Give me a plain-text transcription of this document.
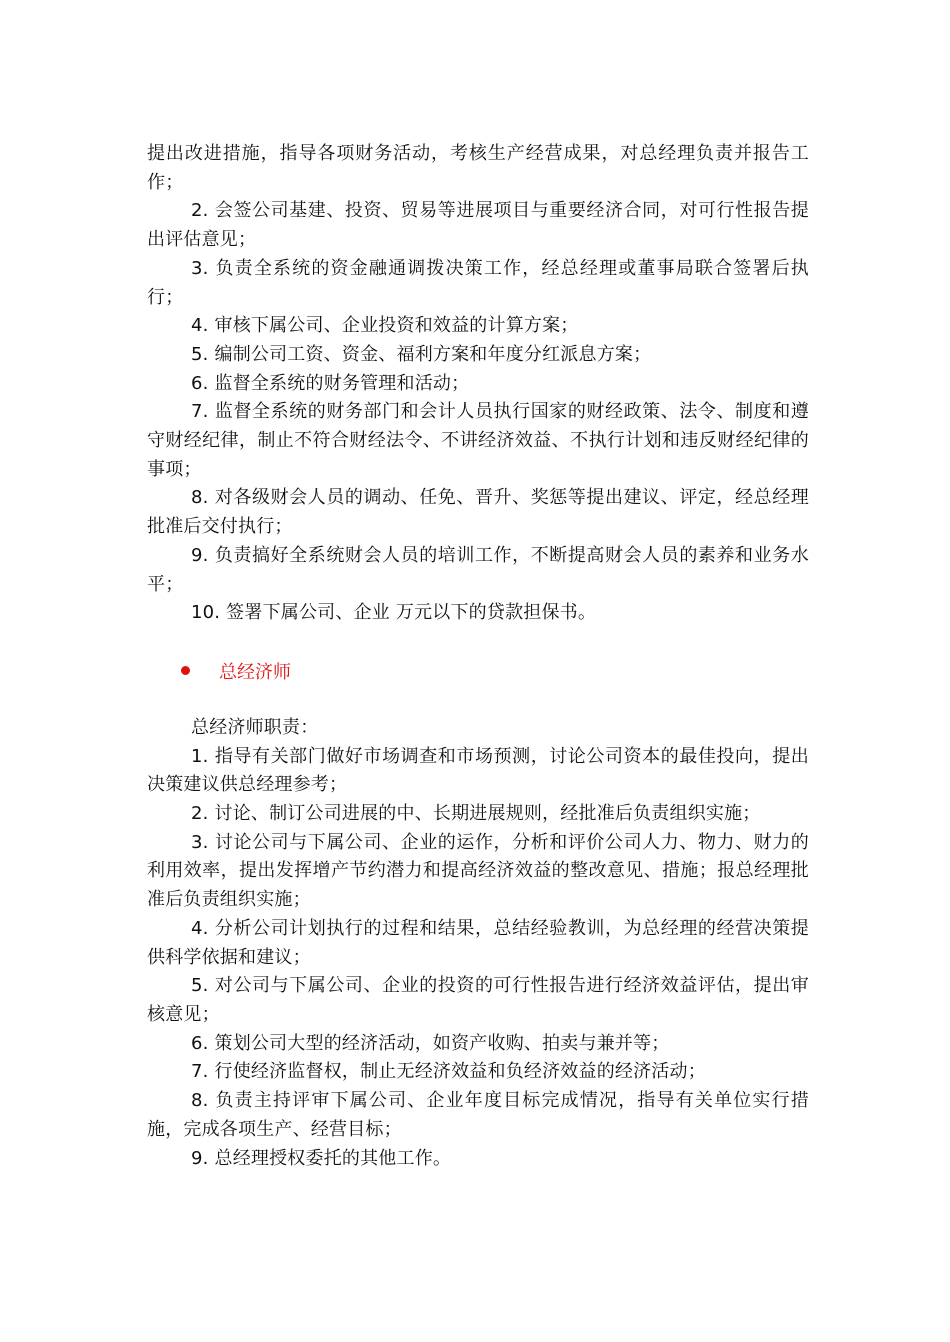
提出改进措施，指导各项财务活动，考核生产经营成果，对总经理负责并报告工作；

2. 会签公司基建、投资、贸易等进展项目与重要经济合同，对可行性报告提出评估意见；

3. 负责全系统的资金融通调拨决策工作，经总经理或董事局联合签署后执行；

4. 审核下属公司、企业投资和效益的计算方案；

5. 编制公司工资、资金、福利方案和年度分红派息方案；

6. 监督全系统的财务管理和活动；

7. 监督全系统的财务部门和会计人员执行国家的财经政策、法令、制度和遵守财经纪律，制止不符合财经法令、不讲经济效益、不执行计划和违反财经纪律的事项；

8. 对各级财会人员的调动、任免、晋升、奖惩等提出建议、评定，经总经理批准后交付执行；

9. 负责搞好全系统财会人员的培训工作，不断提高财会人员的素养和业务水平；

10. 签署下属公司、企业 万元以下的贷款担保书。

总经济师

总经济师职责：

1. 指导有关部门做好市场调查和市场预测，讨论公司资本的最佳投向，提出决策建议供总经理参考；

2. 讨论、制订公司进展的中、长期进展规则，经批准后负责组织实施；

3. 讨论公司与下属公司、企业的运作，分析和评价公司人力、物力、财力的利用效率，提出发挥增产节约潜力和提高经济效益的整改意见、措施；报总经理批准后负责组织实施；

4. 分析公司计划执行的过程和结果，总结经验教训，为总经理的经营决策提供科学依据和建议；

5. 对公司与下属公司、企业的投资的可行性报告进行经济效益评估，提出审核意见；

6. 策划公司大型的经济活动，如资产收购、拍卖与兼并等；

7. 行使经济监督权，制止无经济效益和负经济效益的经济活动；

8. 负责主持评审下属公司、企业年度目标完成情况，指导有关单位实行措施，完成各项生产、经营目标；

9. 总经理授权委托的其他工作。
